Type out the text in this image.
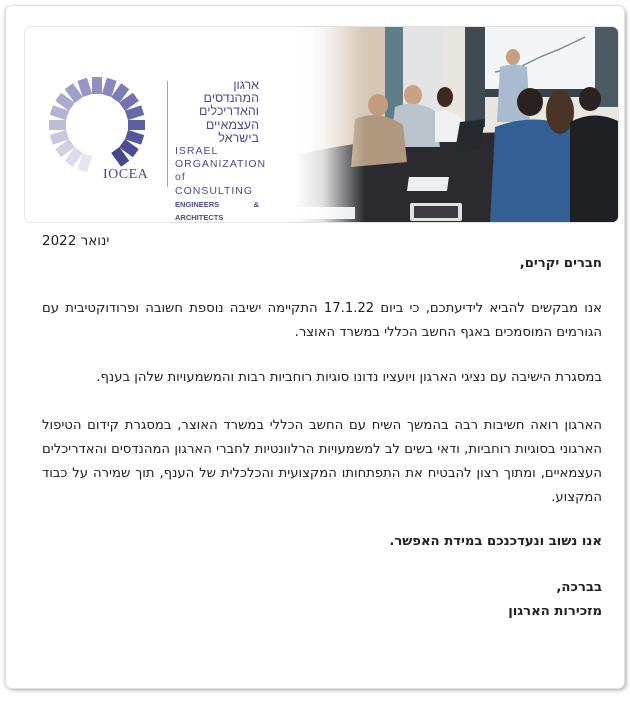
IOCEA
ארגון המהנדסים
והאדריכלים
העצמאיים
בישראל
ISRAEL
ORGANIZATION
of CONSULTING
ENGINEERS & ARCHITECTS
ינואר 2022

חברים יקרים,

אנו מבקשים להביא לידיעתכם, כי ביום 17.1.22 התקיימה ישיבה נוספת חשובה ופרודוקטיבית עם הגורמים המוסמכים באגף החשב הכללי במשרד האוצר.

במסגרת הישיבה עם נציגי הארגון ויועציו נדונו סוגיות רוחביות רבות והמשמעויות שלהן בענף.

הארגון רואה חשיבות רבה בהמשך השיח עם החשב הכללי במשרד האוצר, במסגרת קידום הטיפול הארגוני בסוגיות רוחביות, ודאי בשים לב למשמעויות הרלוונטיות לחברי הארגון המהנדסים והאדריכלים העצמאיים, ומתוך רצון להבטיח את התפתחותו המקצועית והכלכלית של הענף, תוך שמירה על כבוד המקצוע.

אנו נשוב ונעדכנכם במידת האפשר.

בברכה,

מזכירות הארגון
